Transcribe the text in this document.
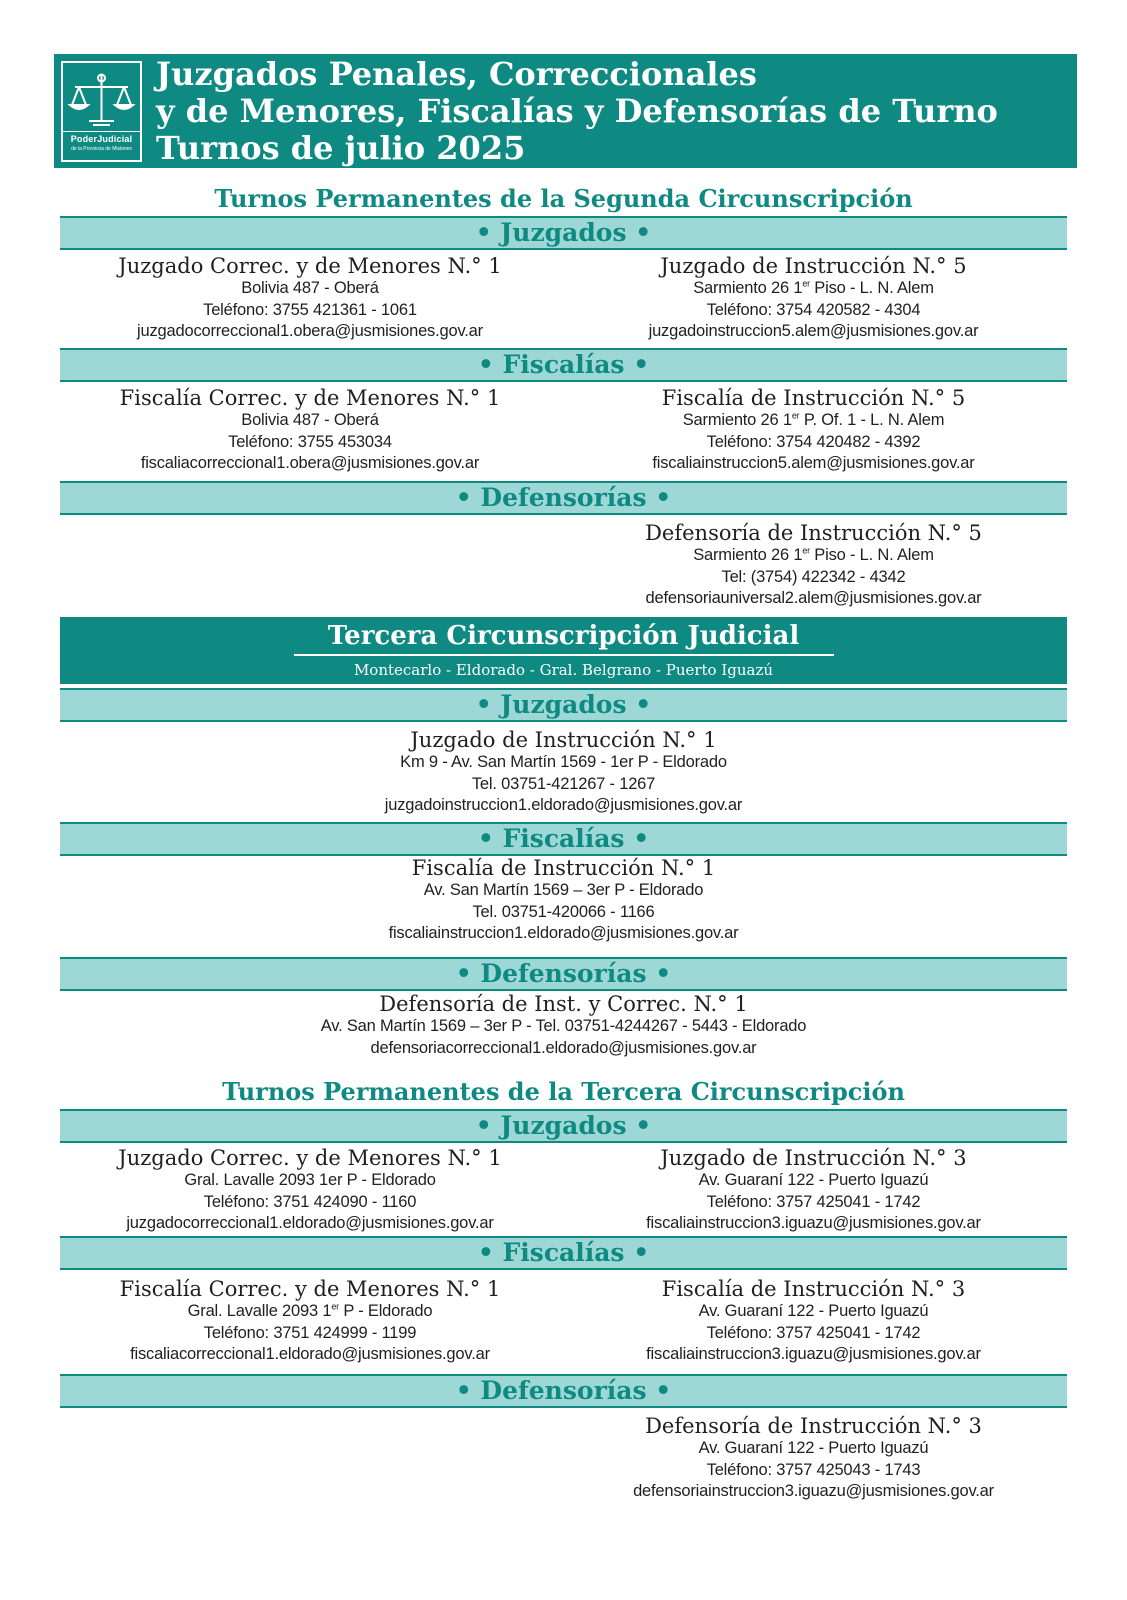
PoderJudicial
de la Provincia de Misiones
Juzgados Penales, Correccionales
y de Menores, Fiscalías y Defensorías de Turno
Turnos de julio 2025
Turnos Permanentes de la Segunda Circunscripción
• Juzgados •
Juzgado Correc. y de Menores N.° 1
Bolivia 487 - Oberá
Teléfono: 3755 421361 - 1061
juzgadocorreccional1.obera@jusmisiones.gov.ar
Juzgado de Instrucción N.° 5
Sarmiento 26 1er Piso - L. N. Alem
Teléfono: 3754 420582 - 4304
juzgadoinstruccion5.alem@jusmisiones.gov.ar
• Fiscalías •
Fiscalía Correc. y de Menores N.° 1
Bolivia 487 - Oberá
Teléfono: 3755 453034
fiscaliacorreccional1.obera@jusmisiones.gov.ar
Fiscalía de Instrucción N.° 5
Sarmiento 26 1er P. Of. 1 - L. N. Alem
Teléfono: 3754 420482 - 4392
fiscaliainstruccion5.alem@jusmisiones.gov.ar
• Defensorías •
Defensoría de Instrucción N.° 5
Sarmiento 26 1er Piso - L. N. Alem
Tel: (3754) 422342 - 4342
defensoriauniversal2.alem@jusmisiones.gov.ar
Tercera Circunscripción Judicial
Montecarlo - Eldorado - Gral. Belgrano - Puerto Iguazú
• Juzgados •
Juzgado de Instrucción N.° 1
Km 9 - Av. San Martín 1569 - 1er P - Eldorado
Tel. 03751-421267 - 1267
juzgadoinstruccion1.eldorado@jusmisiones.gov.ar
• Fiscalías •
Fiscalía de Instrucción N.° 1
Av. San Martín 1569 – 3er P - Eldorado
Tel. 03751-420066 - 1166
fiscaliainstruccion1.eldorado@jusmisiones.gov.ar
• Defensorías •
Defensoría de Inst. y Correc. N.° 1
Av. San Martín 1569 – 3er P - Tel. 03751-4244267 - 5443 - Eldorado
defensoriacorreccional1.eldorado@jusmisiones.gov.ar
Turnos Permanentes de la Tercera Circunscripción
• Juzgados •
Juzgado Correc. y de Menores N.° 1
Gral. Lavalle 2093 1er P - Eldorado
Teléfono: 3751 424090 - 1160
juzgadocorreccional1.eldorado@jusmisiones.gov.ar
Juzgado de Instrucción N.° 3
Av. Guaraní 122 - Puerto Iguazú
Teléfono: 3757 425041 - 1742
fiscaliainstruccion3.iguazu@jusmisiones.gov.ar
• Fiscalías •
Fiscalía Correc. y de Menores N.° 1
Gral. Lavalle 2093 1er P - Eldorado
Teléfono: 3751 424999 - 1199
fiscaliacorreccional1.eldorado@jusmisiones.gov.ar
Fiscalía de Instrucción N.° 3
Av. Guaraní 122 - Puerto Iguazú
Teléfono: 3757 425041 - 1742
fiscaliainstruccion3.iguazu@jusmisiones.gov.ar
• Defensorías •
Defensoría de Instrucción N.° 3
Av. Guaraní 122 - Puerto Iguazú
Teléfono: 3757 425043 - 1743
defensoriainstruccion3.iguazu@jusmisiones.gov.ar
